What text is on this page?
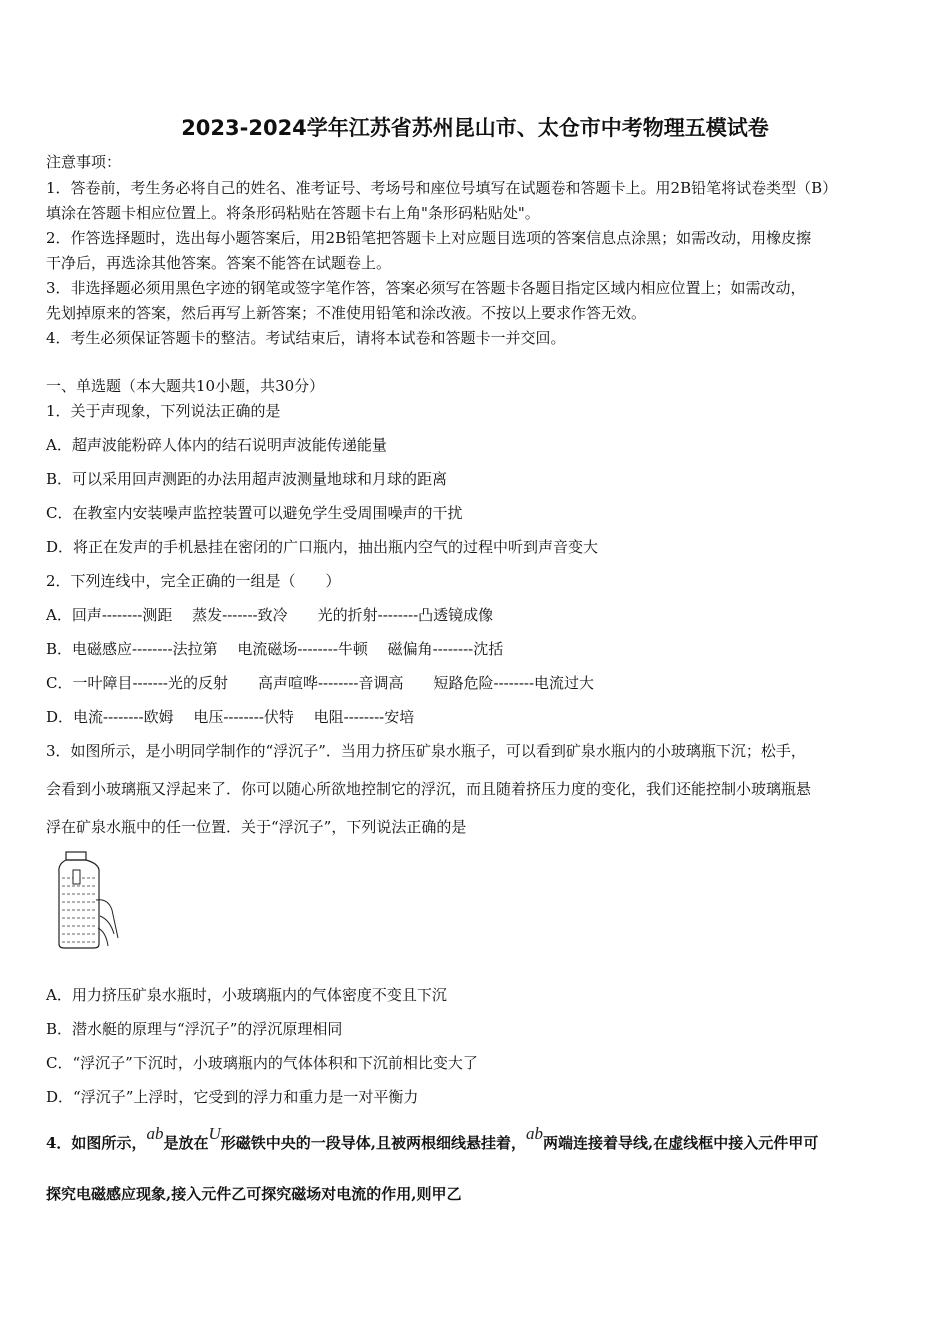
2023-2024学年江苏省苏州昆山市、太仓市中考物理五模试卷
注意事项：
1．答卷前，考生务必将自己的姓名、准考证号、考场号和座位号填写在试题卷和答题卡上。用2B铅笔将试卷类型（B）
填涂在答题卡相应位置上。将条形码粘贴在答题卡右上角"条形码粘贴处"。
2．作答选择题时，选出每小题答案后，用2B铅笔把答题卡上对应题目选项的答案信息点涂黑；如需改动，用橡皮擦
干净后，再选涂其他答案。答案不能答在试题卷上。
3．非选择题必须用黑色字迹的钢笔或签字笔作答，答案必须写在答题卡各题目指定区域内相应位置上；如需改动，
先划掉原来的答案，然后再写上新答案；不准使用铅笔和涂改液。不按以上要求作答无效。
4．考生必须保证答题卡的整洁。考试结束后，请将本试卷和答题卡一并交回。
一、单选题（本大题共10小题，共30分）
1．关于声现象，下列说法正确的是
A．超声波能粉碎人体内的结石说明声波能传递能量
B．可以采用回声测距的办法用超声波测量地球和月球的距离
C．在教室内安装噪声监控装置可以避免学生受周围噪声的干扰
D．将正在发声的手机悬挂在密闭的广口瓶内，抽出瓶内空气的过程中听到声音变大
2．下列连线中，完全正确的一组是（　　）
A．回声--------测距　 蒸发-------致冷　　光的折射--------凸透镜成像
B．电磁感应--------法拉第　 电流磁场--------牛顿　 磁偏角--------沈括
C．一叶障目-------光的反射　　高声喧哗--------音调高　　短路危险--------电流过大
D．电流--------欧姆　 电压--------伏特　 电阻--------安培
3．如图所示，是小明同学制作的“浮沉子”．当用力挤压矿泉水瓶子，可以看到矿泉水瓶内的小玻璃瓶下沉；松手，
会看到小玻璃瓶又浮起来了．你可以随心所欲地控制它的浮沉，而且随着挤压力度的变化，我们还能控制小玻璃瓶悬
浮在矿泉水瓶中的任一位置．关于“浮沉子”，下列说法正确的是
A．用力挤压矿泉水瓶时，小玻璃瓶内的气体密度不变且下沉
B．潜水艇的原理与“浮沉子”的浮沉原理相同
C．“浮沉子”下沉时，小玻璃瓶内的气体体积和下沉前相比变大了
D．“浮沉子”上浮时，它受到的浮力和重力是一对平衡力
4．如图所示，ab是放在U形磁铁中央的一段导体,且被两根细线悬挂着，ab两端连接着导线,在虚线框中接入元件甲可
探究电磁感应现象,接入元件乙可探究磁场对电流的作用,则甲乙
